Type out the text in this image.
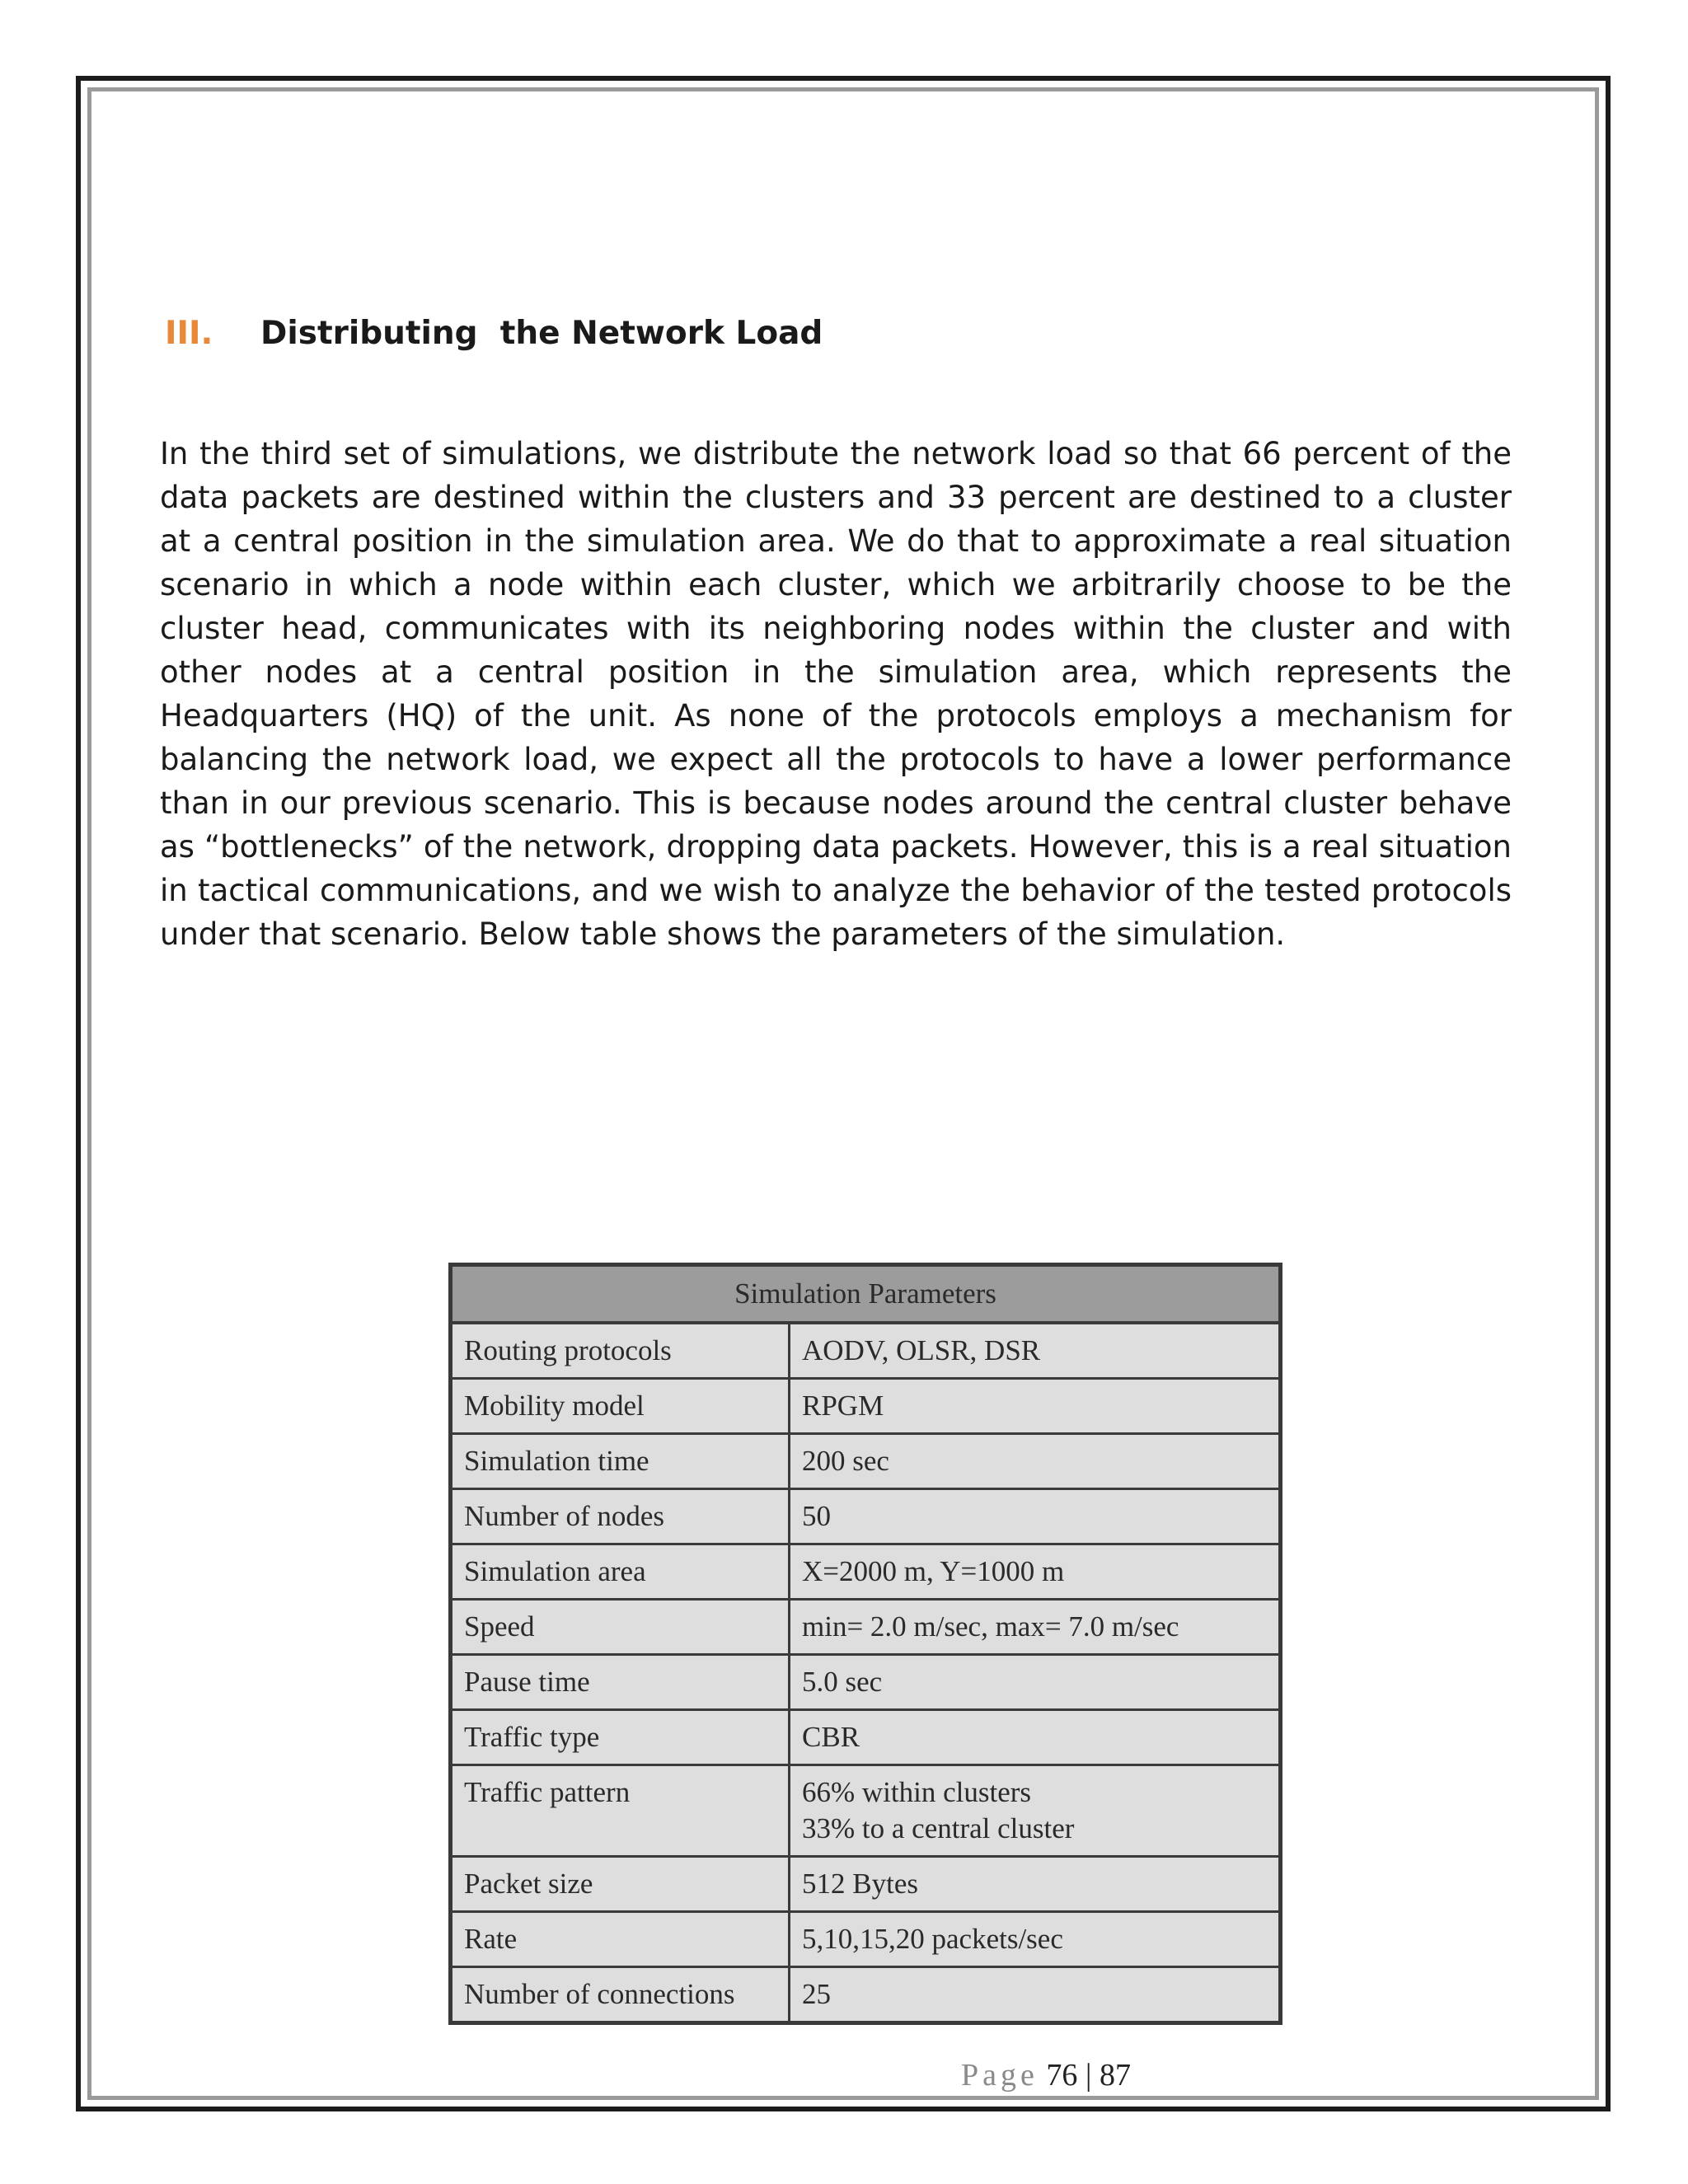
III. Distributing  the Network Load

In the third set of simulations, we distribute the network load so that 66 percent of the data packets are destined within the clusters and 33 percent are destined to a cluster at a central position in the simulation area. We do that to approximate a real situation scenario in which a node within each cluster, which we arbitrarily choose to be the cluster head, communicates with its neighboring nodes within the cluster and with other nodes at a central position in the simulation area, which represents the Headquarters (HQ) of the unit. As none of the protocols employs a mechanism for balancing the network load, we expect all the protocols to have a lower performance than in our previous scenario. This is because nodes around the central cluster behave as “bottlenecks” of the network, dropping data packets. However, this is a real situation in tactical communications, and we wish to analyze the behavior of the tested protocols under that scenario. Below table shows the parameters of the simulation.

Simulation Parameters
Routing protocols	AODV, OLSR, DSR
Mobility model	RPGM
Simulation time	200 sec
Number of nodes	50
Simulation area	X=2000 m, Y=1000 m
Speed	min= 2.0 m/sec, max= 7.0 m/sec
Pause time	5.0 sec
Traffic type	CBR
Traffic pattern	66% within clusters
33% to a central cluster
Packet size	512 Bytes
Rate	5,10,15,20 packets/sec
Number of connections	25
Page 76 | 87
